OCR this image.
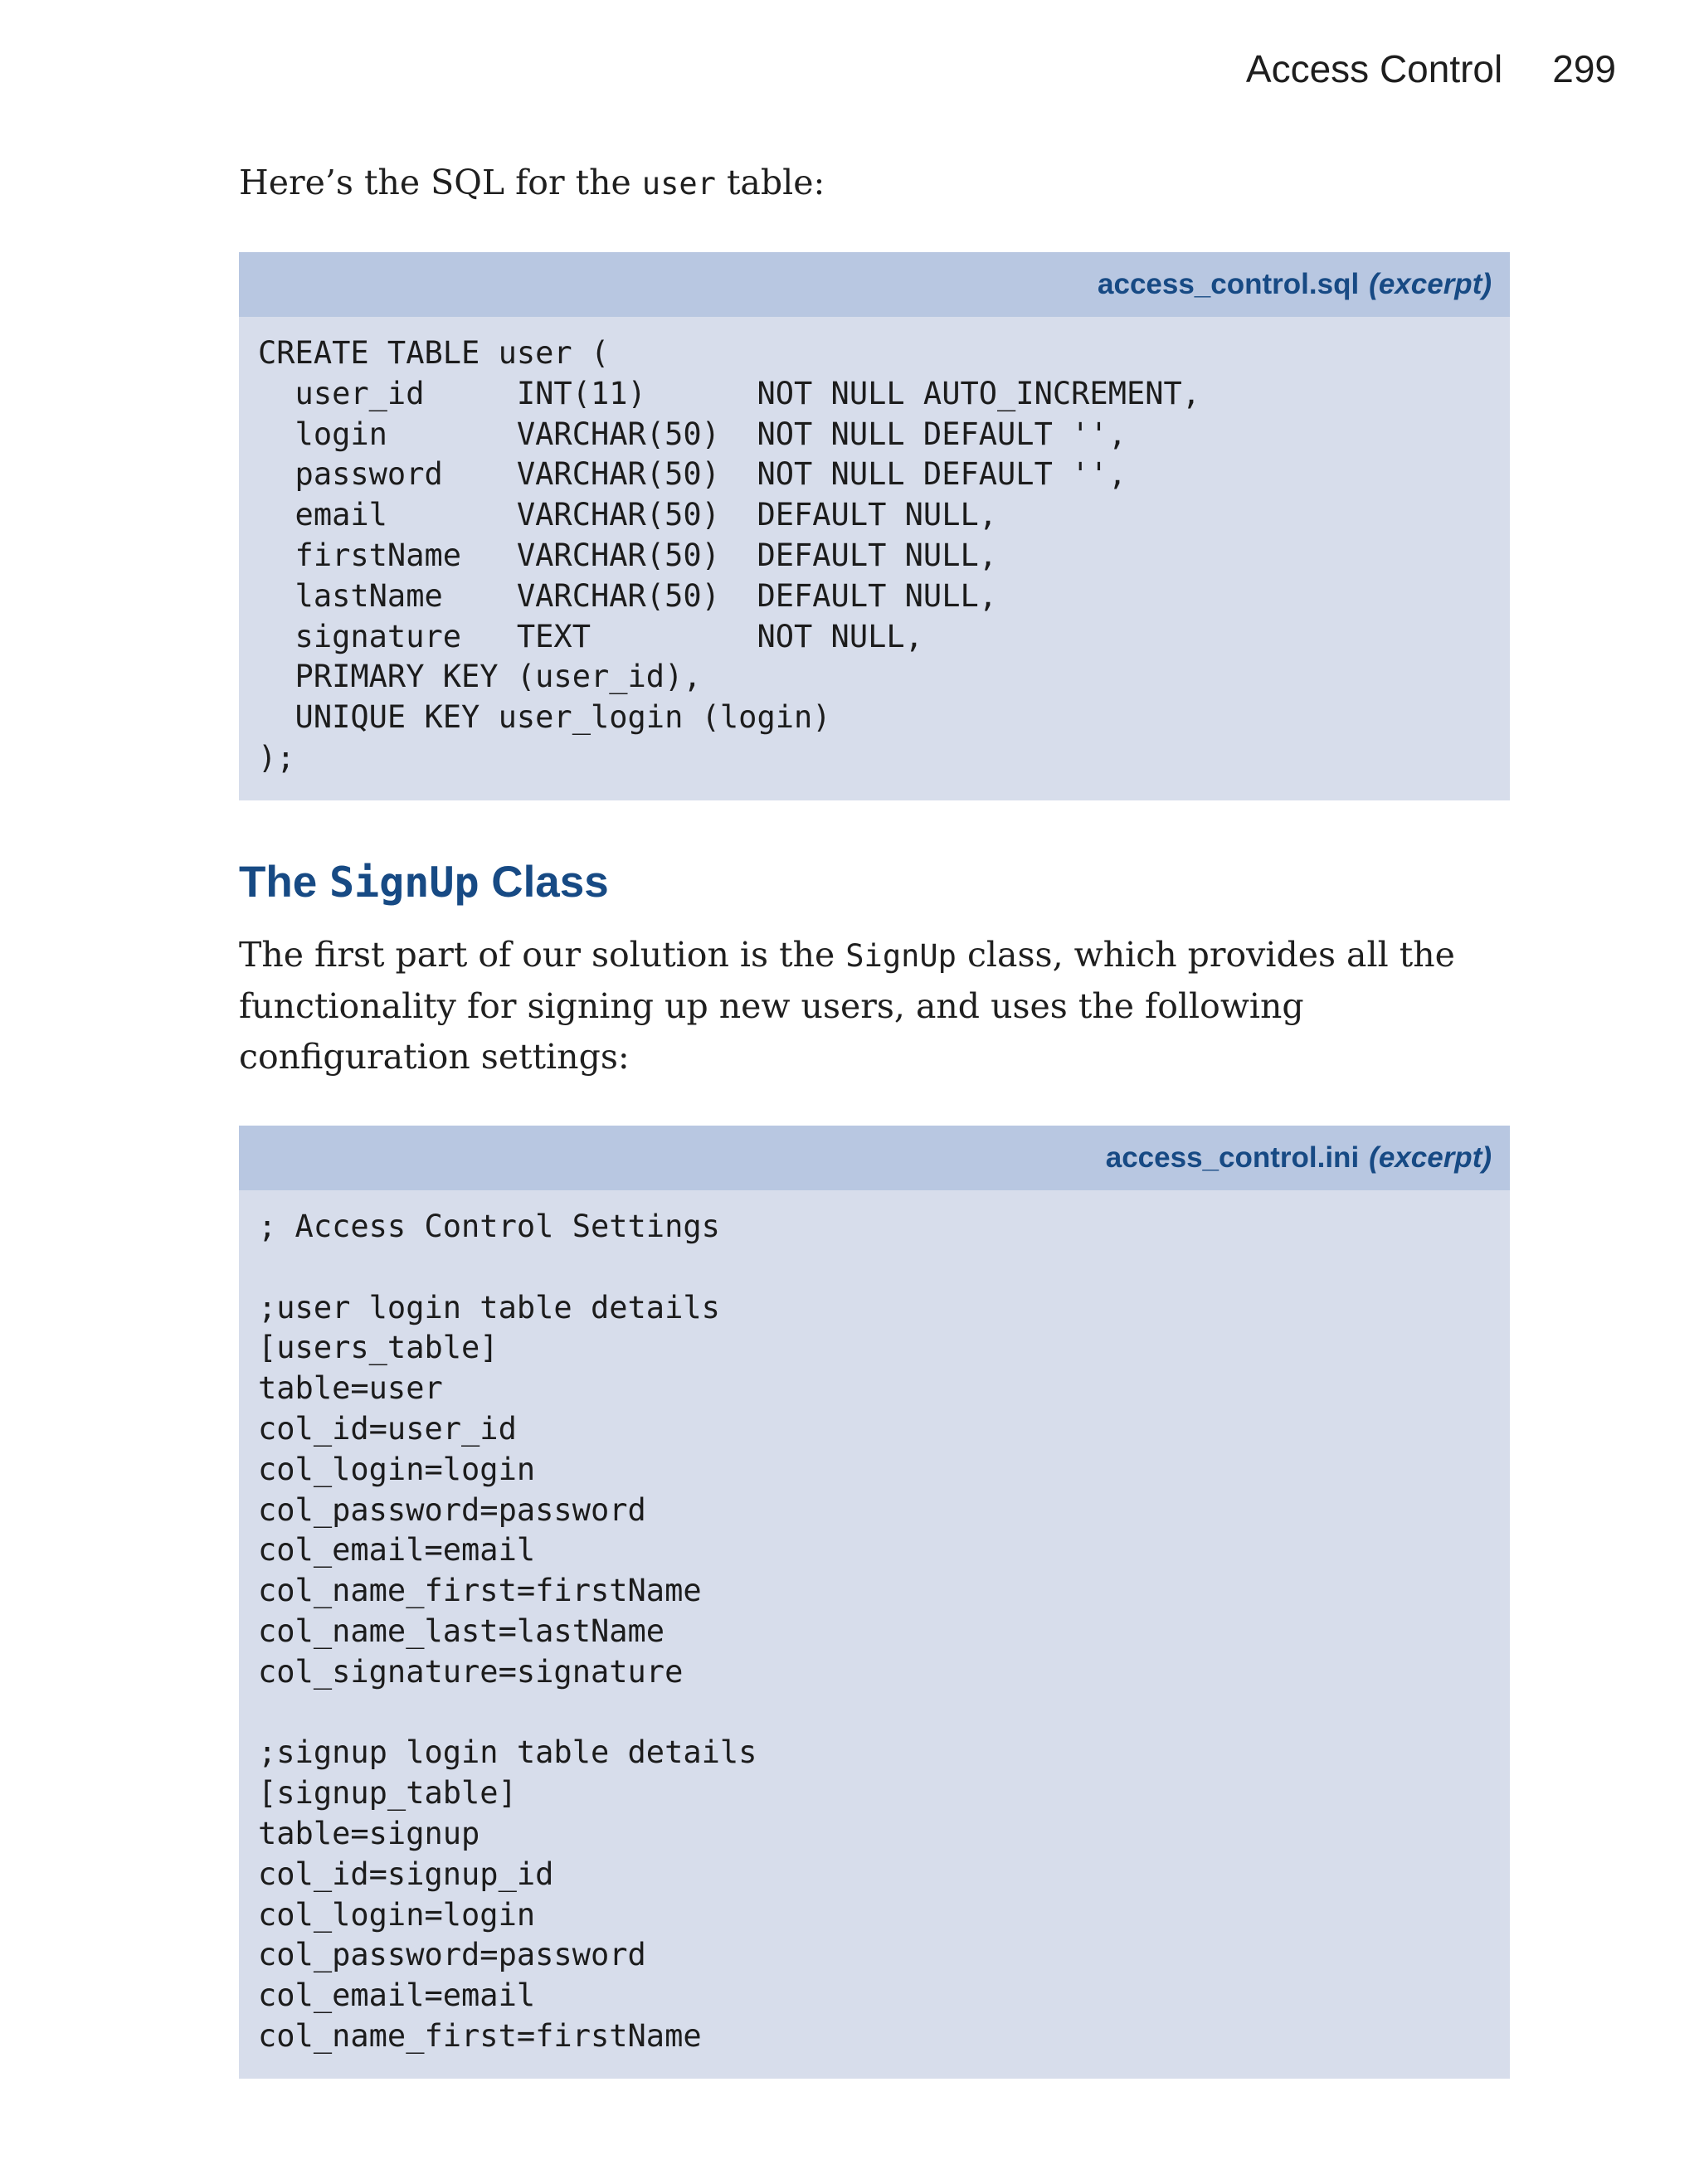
Access Control 299

Here’s the SQL for the user table:

access_control.sql (excerpt)
CREATE TABLE user (
user_id     INT(11)      NOT NULL AUTO_INCREMENT,
login       VARCHAR(50)  NOT NULL DEFAULT '',
password    VARCHAR(50)  NOT NULL DEFAULT '',
email       VARCHAR(50)  DEFAULT NULL,
firstName   VARCHAR(50)  DEFAULT NULL,
lastName    VARCHAR(50)  DEFAULT NULL,
signature   TEXT         NOT NULL,
PRIMARY KEY (user_id),
UNIQUE KEY user_login (login)
);
The SignUp Class

The first part of our solution is the SignUp class, which provides all the functionality for signing up new users, and uses the following configuration settings:

access_control.ini (excerpt)
; Access Control Settings

;user login table details
[users_table]
table=user
col_id=user_id
col_login=login
col_password=password
col_email=email
col_name_first=firstName
col_name_last=lastName
col_signature=signature

;signup login table details
[signup_table]
table=signup
col_id=signup_id
col_login=login
col_password=password
col_email=email
col_name_first=firstName
